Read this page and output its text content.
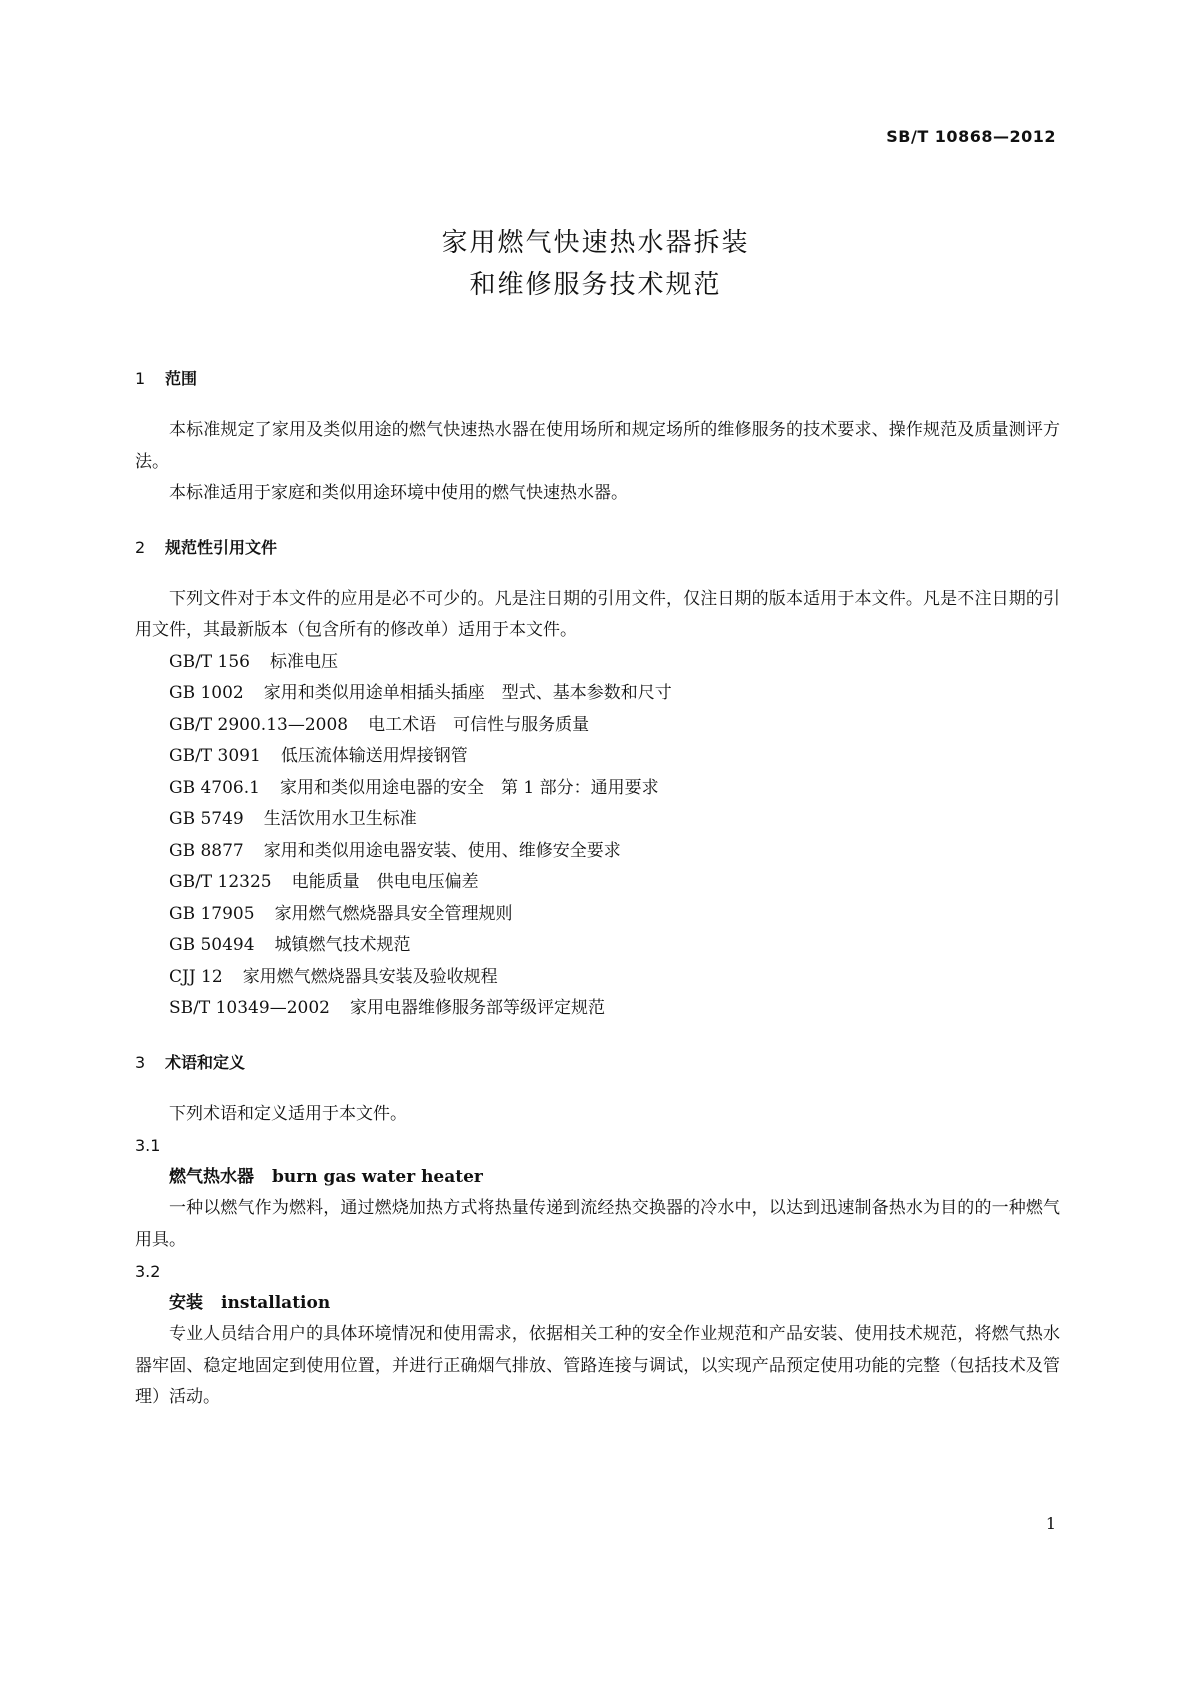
SB/T 10868—2012
家用燃气快速热水器拆装
和维修服务技术规范
1 范围

本标准规定了家用及类似用途的燃气快速热水器在使用场所和规定场所的维修服务的技术要求、操作规范及质量测评方法。

本标准适用于家庭和类似用途环境中使用的燃气快速热水器。

2 规范性引用文件

下列文件对于本文件的应用是必不可少的。凡是注日期的引用文件，仅注日期的版本适用于本文件。凡是不注日期的引用文件，其最新版本（包含所有的修改单）适用于本文件。

GB/T 156 标准电压
GB 1002 家用和类似用途单相插头插座　型式、基本参数和尺寸
GB/T 2900.13—2008 电工术语　可信性与服务质量
GB/T 3091 低压流体输送用焊接钢管
GB 4706.1 家用和类似用途电器的安全　第 1 部分：通用要求
GB 5749 生活饮用水卫生标准
GB 8877 家用和类似用途电器安装、使用、维修安全要求
GB/T 12325 电能质量　供电电压偏差
GB 17905 家用燃气燃烧器具安全管理规则
GB 50494 城镇燃气技术规范
CJJ 12 家用燃气燃烧器具安装及验收规程
SB/T 10349—2002 家用电器维修服务部等级评定规范
3 术语和定义

下列术语和定义适用于本文件。

3.1
燃气热水器 burn gas water heater

一种以燃气作为燃料，通过燃烧加热方式将热量传递到流经热交换器的冷水中，以达到迅速制备热水为目的的一种燃气用具。

3.2
安装 installation

专业人员结合用户的具体环境情况和使用需求，依据相关工种的安全作业规范和产品安装、使用技术规范，将燃气热水器牢固、稳定地固定到使用位置，并进行正确烟气排放、管路连接与调试，以实现产品预定使用功能的完整（包括技术及管理）活动。

1
